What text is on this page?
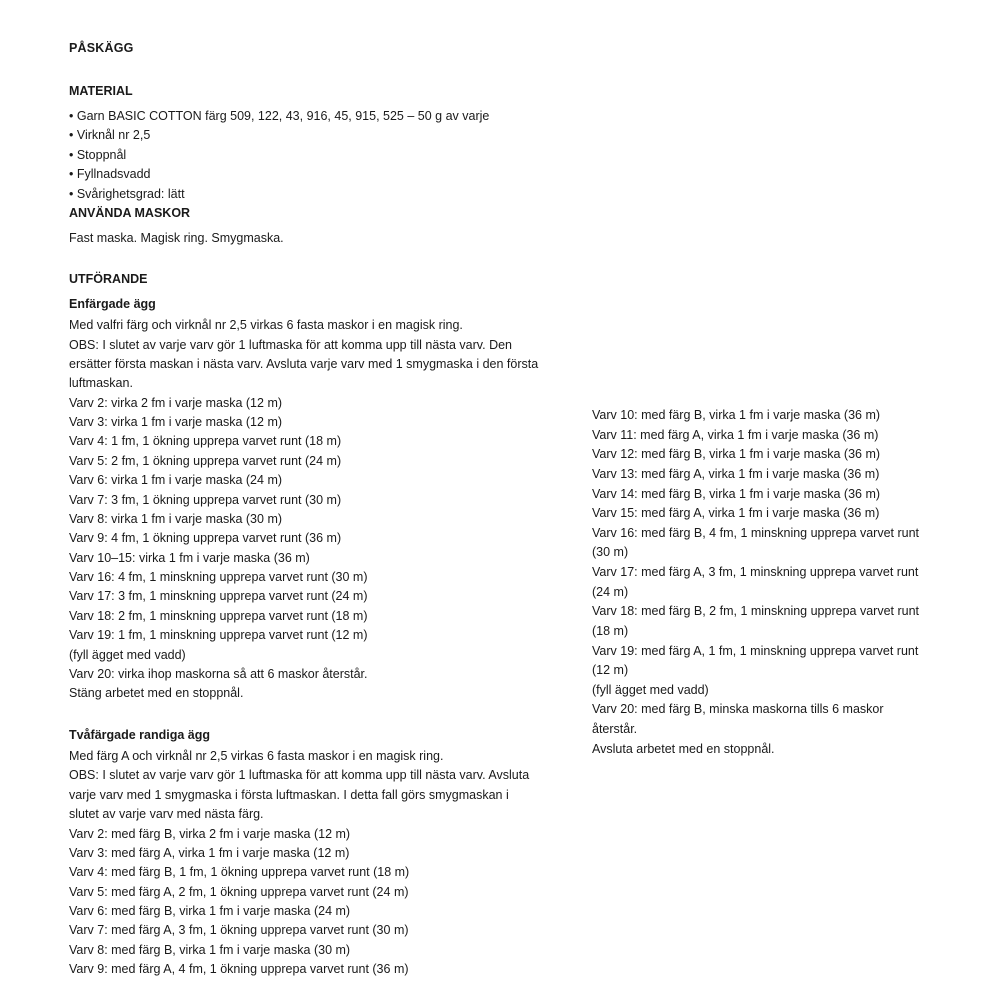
PÅSKÄGG
MATERIAL

• Garn BASIC COTTON färg 509, 122, 43, 916, 45, 915, 525 – 50 g av varje

• Virknål nr 2,5

• Stoppnål

• Fyllnadsvadd

• Svårighetsgrad: lätt

ANVÄNDA MASKOR

Fast maska. Magisk ring. Smygmaska.

UTFÖRANDE
Enfärgade ägg

Med valfri färg och virknål nr 2,5 virkas 6 fasta maskor i en magisk ring.

OBS: I slutet av varje varv gör 1 luftmaska för att komma upp till nästa varv. Den

ersätter första maskan i nästa varv. Avsluta varje varv med 1 smygmaska i den första

luftmaskan.

Varv 2: virka 2 fm i varje maska (12 m)

Varv 3: virka 1 fm i varje maska (12 m)

Varv 4: 1 fm, 1 ökning upprepa varvet runt (18 m)

Varv 5: 2 fm, 1 ökning upprepa varvet runt (24 m)

Varv 6: virka 1 fm i varje maska (24 m)

Varv 7: 3 fm, 1 ökning upprepa varvet runt (30 m)

Varv 8: virka 1 fm i varje maska (30 m)

Varv 9: 4 fm, 1 ökning upprepa varvet runt (36 m)

Varv 10–15: virka 1 fm i varje maska (36 m)

Varv 16: 4 fm, 1 minskning upprepa varvet runt (30 m)

Varv 17: 3 fm, 1 minskning upprepa varvet runt (24 m)

Varv 18: 2 fm, 1 minskning upprepa varvet runt (18 m)

Varv 19: 1 fm, 1 minskning upprepa varvet runt (12 m)

(fyll ägget med vadd)

Varv 20: virka ihop maskorna så att 6 maskor återstår.

Stäng arbetet med en stoppnål.

Tvåfärgade randiga ägg

Med färg A och virknål nr 2,5 virkas 6 fasta maskor i en magisk ring.

OBS: I slutet av varje varv gör 1 luftmaska för att komma upp till nästa varv. Avsluta

varje varv med 1 smygmaska i första luftmaskan. I detta fall görs smygmaskan i

slutet av varje varv med nästa färg.

Varv 2: med färg B, virka 2 fm i varje maska (12 m)

Varv 3: med färg A, virka 1 fm i varje maska (12 m)

Varv 4: med färg B, 1 fm, 1 ökning upprepa varvet runt (18 m)

Varv 5: med färg A, 2 fm, 1 ökning upprepa varvet runt (24 m)

Varv 6: med färg B, virka 1 fm i varje maska (24 m)

Varv 7: med färg A, 3 fm, 1 ökning upprepa varvet runt (30 m)

Varv 8: med färg B, virka 1 fm i varje maska (30 m)

Varv 9: med färg A, 4 fm, 1 ökning upprepa varvet runt (36 m)

Varv 10: med färg B, virka 1 fm i varje maska (36 m)

Varv 11: med färg A, virka 1 fm i varje maska (36 m)

Varv 12: med färg B, virka 1 fm i varje maska (36 m)

Varv 13: med färg A, virka 1 fm i varje maska (36 m)

Varv 14: med färg B, virka 1 fm i varje maska (36 m)

Varv 15: med färg A, virka 1 fm i varje maska (36 m)

Varv 16: med färg B, 4 fm, 1 minskning upprepa varvet runt

(30 m)

Varv 17: med färg A, 3 fm, 1 minskning upprepa varvet runt

(24 m)

Varv 18: med färg B, 2 fm, 1 minskning upprepa varvet runt

(18 m)

Varv 19: med färg A, 1 fm, 1 minskning upprepa varvet runt

(12 m)

(fyll ägget med vadd)

Varv 20: med färg B, minska maskorna tills 6 maskor

återstår.

Avsluta arbetet med en stoppnål.
